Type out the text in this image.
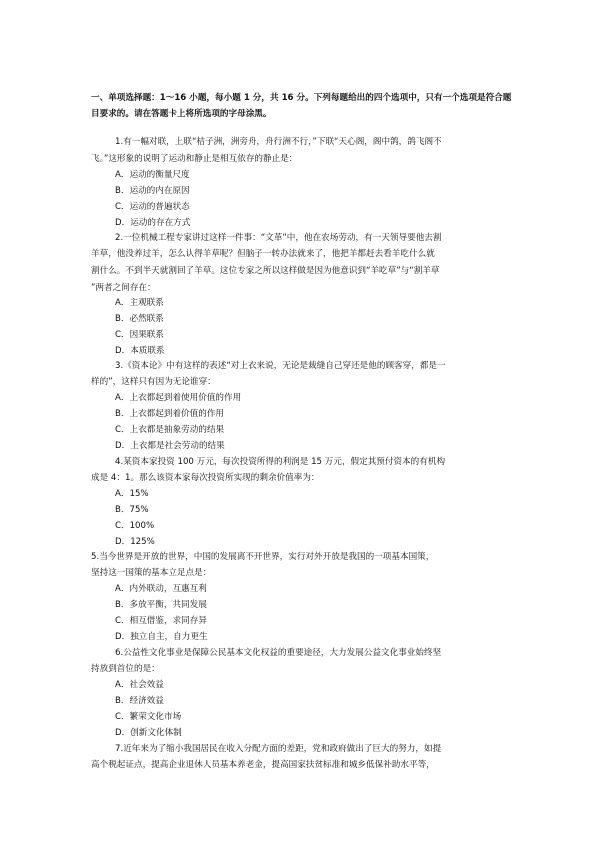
一、单项选择题：1～16 小题，每小题 1 分，共 16 分。下列每题给出的四个选项中，只有一个选项是符合题目要求的。请在答题卡上将所选项的字母涂黑。
1.有一幅对联，上联“桔子洲，洲旁舟，舟行洲不行，”下联“天心阁，阁中鸽，鸽飞阁不
飞。”这形象的说明了运动和静止是相互依存的静止是：
A．运动的衡量尺度
B．运动的内在原因
C．运动的普遍状态
D．运动的存在方式
2.一位机械工程专家讲过这样一件事：“文革”中，他在农场劳动，有一天领导要他去割
羊草，他没养过羊，怎么认得羊草呢？但脑子一转办法就来了，他把羊都赶去看羊吃什么就
割什么。不到半天就割回了羊草。这位专家之所以这样做是因为他意识到“羊吃草”与“割羊草
”两者之间存在：
A．主观联系
B．必然联系
C．因果联系
D．本质联系
3.《资本论》中有这样的表述“对上衣来说，无论是裁缝自己穿还是他的顾客穿，都是一
样的”，这样只有因为无论谁穿：
A．上衣都起到着使用价值的作用
B．上衣都起到着价值的作用
C．上衣都是抽象劳动的结果
D．上衣都是社会劳动的结果
4.某资本家投资 100 万元，每次投资所得的利润是 15 万元，假定其预付资本的有机构
成是 4：1。那么该资本家每次投资所实现的剩余价值率为：
A．15%
B．75%
C．100%
D．125%
5.当今世界是开放的世界，中国的发展离不开世界，实行对外开放是我国的一项基本国策，
坚持这一国策的基本立足点是：
A．内外联动，互惠互利
B．多放平衡，共同发展
C．相互借鉴，求同存异
D．独立自主，自力更生
6.公益性文化事业是保障公民基本文化权益的重要途径，大力发展公益文化事业始终坚
持放到首位的是：
A．社会效益
B．经济效益
C．繁荣文化市场
D．创新文化体制
7.近年来为了缩小我国居民在收入分配方面的差距，党和政府做出了巨大的努力，如提
高个税起证点，提高企业退休人员基本养老金，提高国家扶贫标准和城乡低保补助水平等，
